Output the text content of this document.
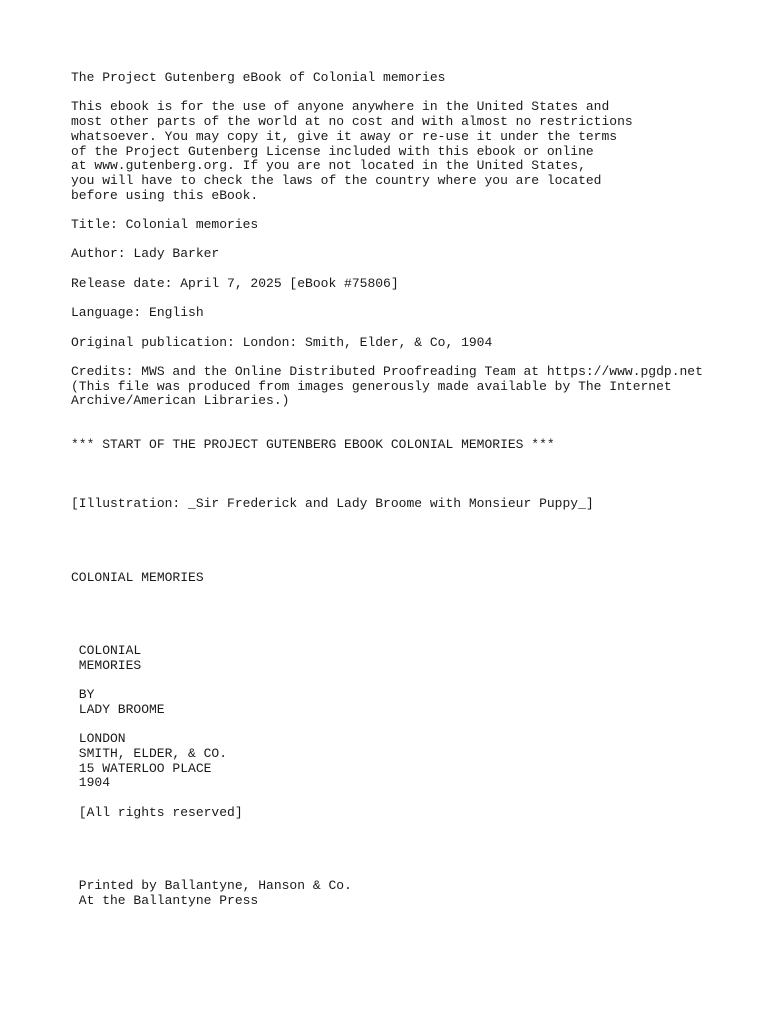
The Project Gutenberg eBook of Colonial memories
This ebook is for the use of anyone anywhere in the United States and
most other parts of the world at no cost and with almost no restrictions
whatsoever. You may copy it, give it away or re-use it under the terms
of the Project Gutenberg License included with this ebook or online
at www.gutenberg.org. If you are not located in the United States,
you will have to check the laws of the country where you are located
before using this eBook.
Title: Colonial memories
Author: Lady Barker
Release date: April 7, 2025 [eBook #75806]
Language: English
Original publication: London: Smith, Elder, & Co, 1904
Credits: MWS and the Online Distributed Proofreading Team at https://www.pgdp.net
(This file was produced from images generously made available by The Internet
Archive/American Libraries.)
*** START OF THE PROJECT GUTENBERG EBOOK COLONIAL MEMORIES ***
[Illustration: _Sir Frederick and Lady Broome with Monsieur Puppy_]
COLONIAL MEMORIES
COLONIAL
MEMORIES
BY
LADY BROOME
LONDON
SMITH, ELDER, & CO.
15 WATERLOO PLACE
1904
[All rights reserved]
Printed by Ballantyne, Hanson & Co.
At the Ballantyne Press
